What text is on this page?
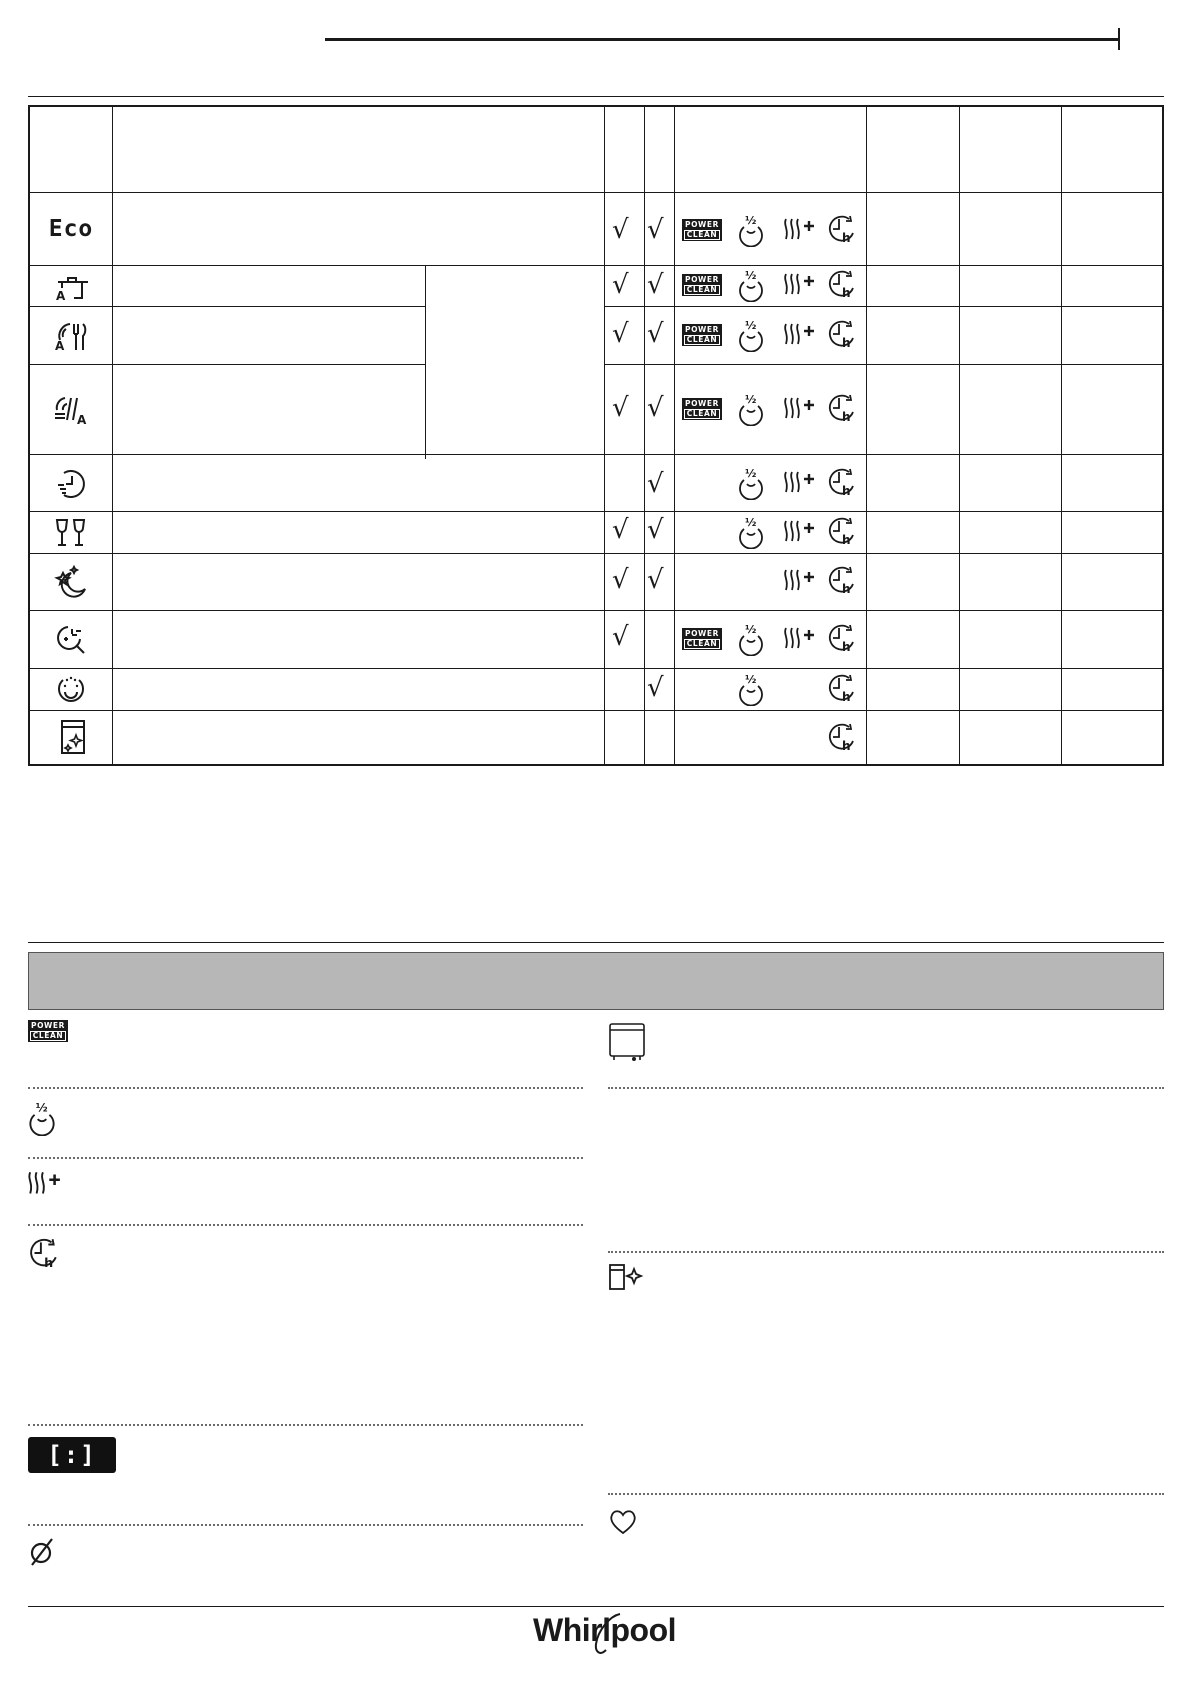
Eco
A
A
A
√
√
√
√
√
√
√
√
√
√
√
√
√
√
√
POWER
CLEAN
½
h
POWER
CLEAN
½
h
POWER
CLEAN
½
h
POWER
CLEAN
½
h
½
h
½
h
h
POWER
CLEAN
½
h
½
h
h
POWER
CLEAN
½
h
[:]
Whirlpool
